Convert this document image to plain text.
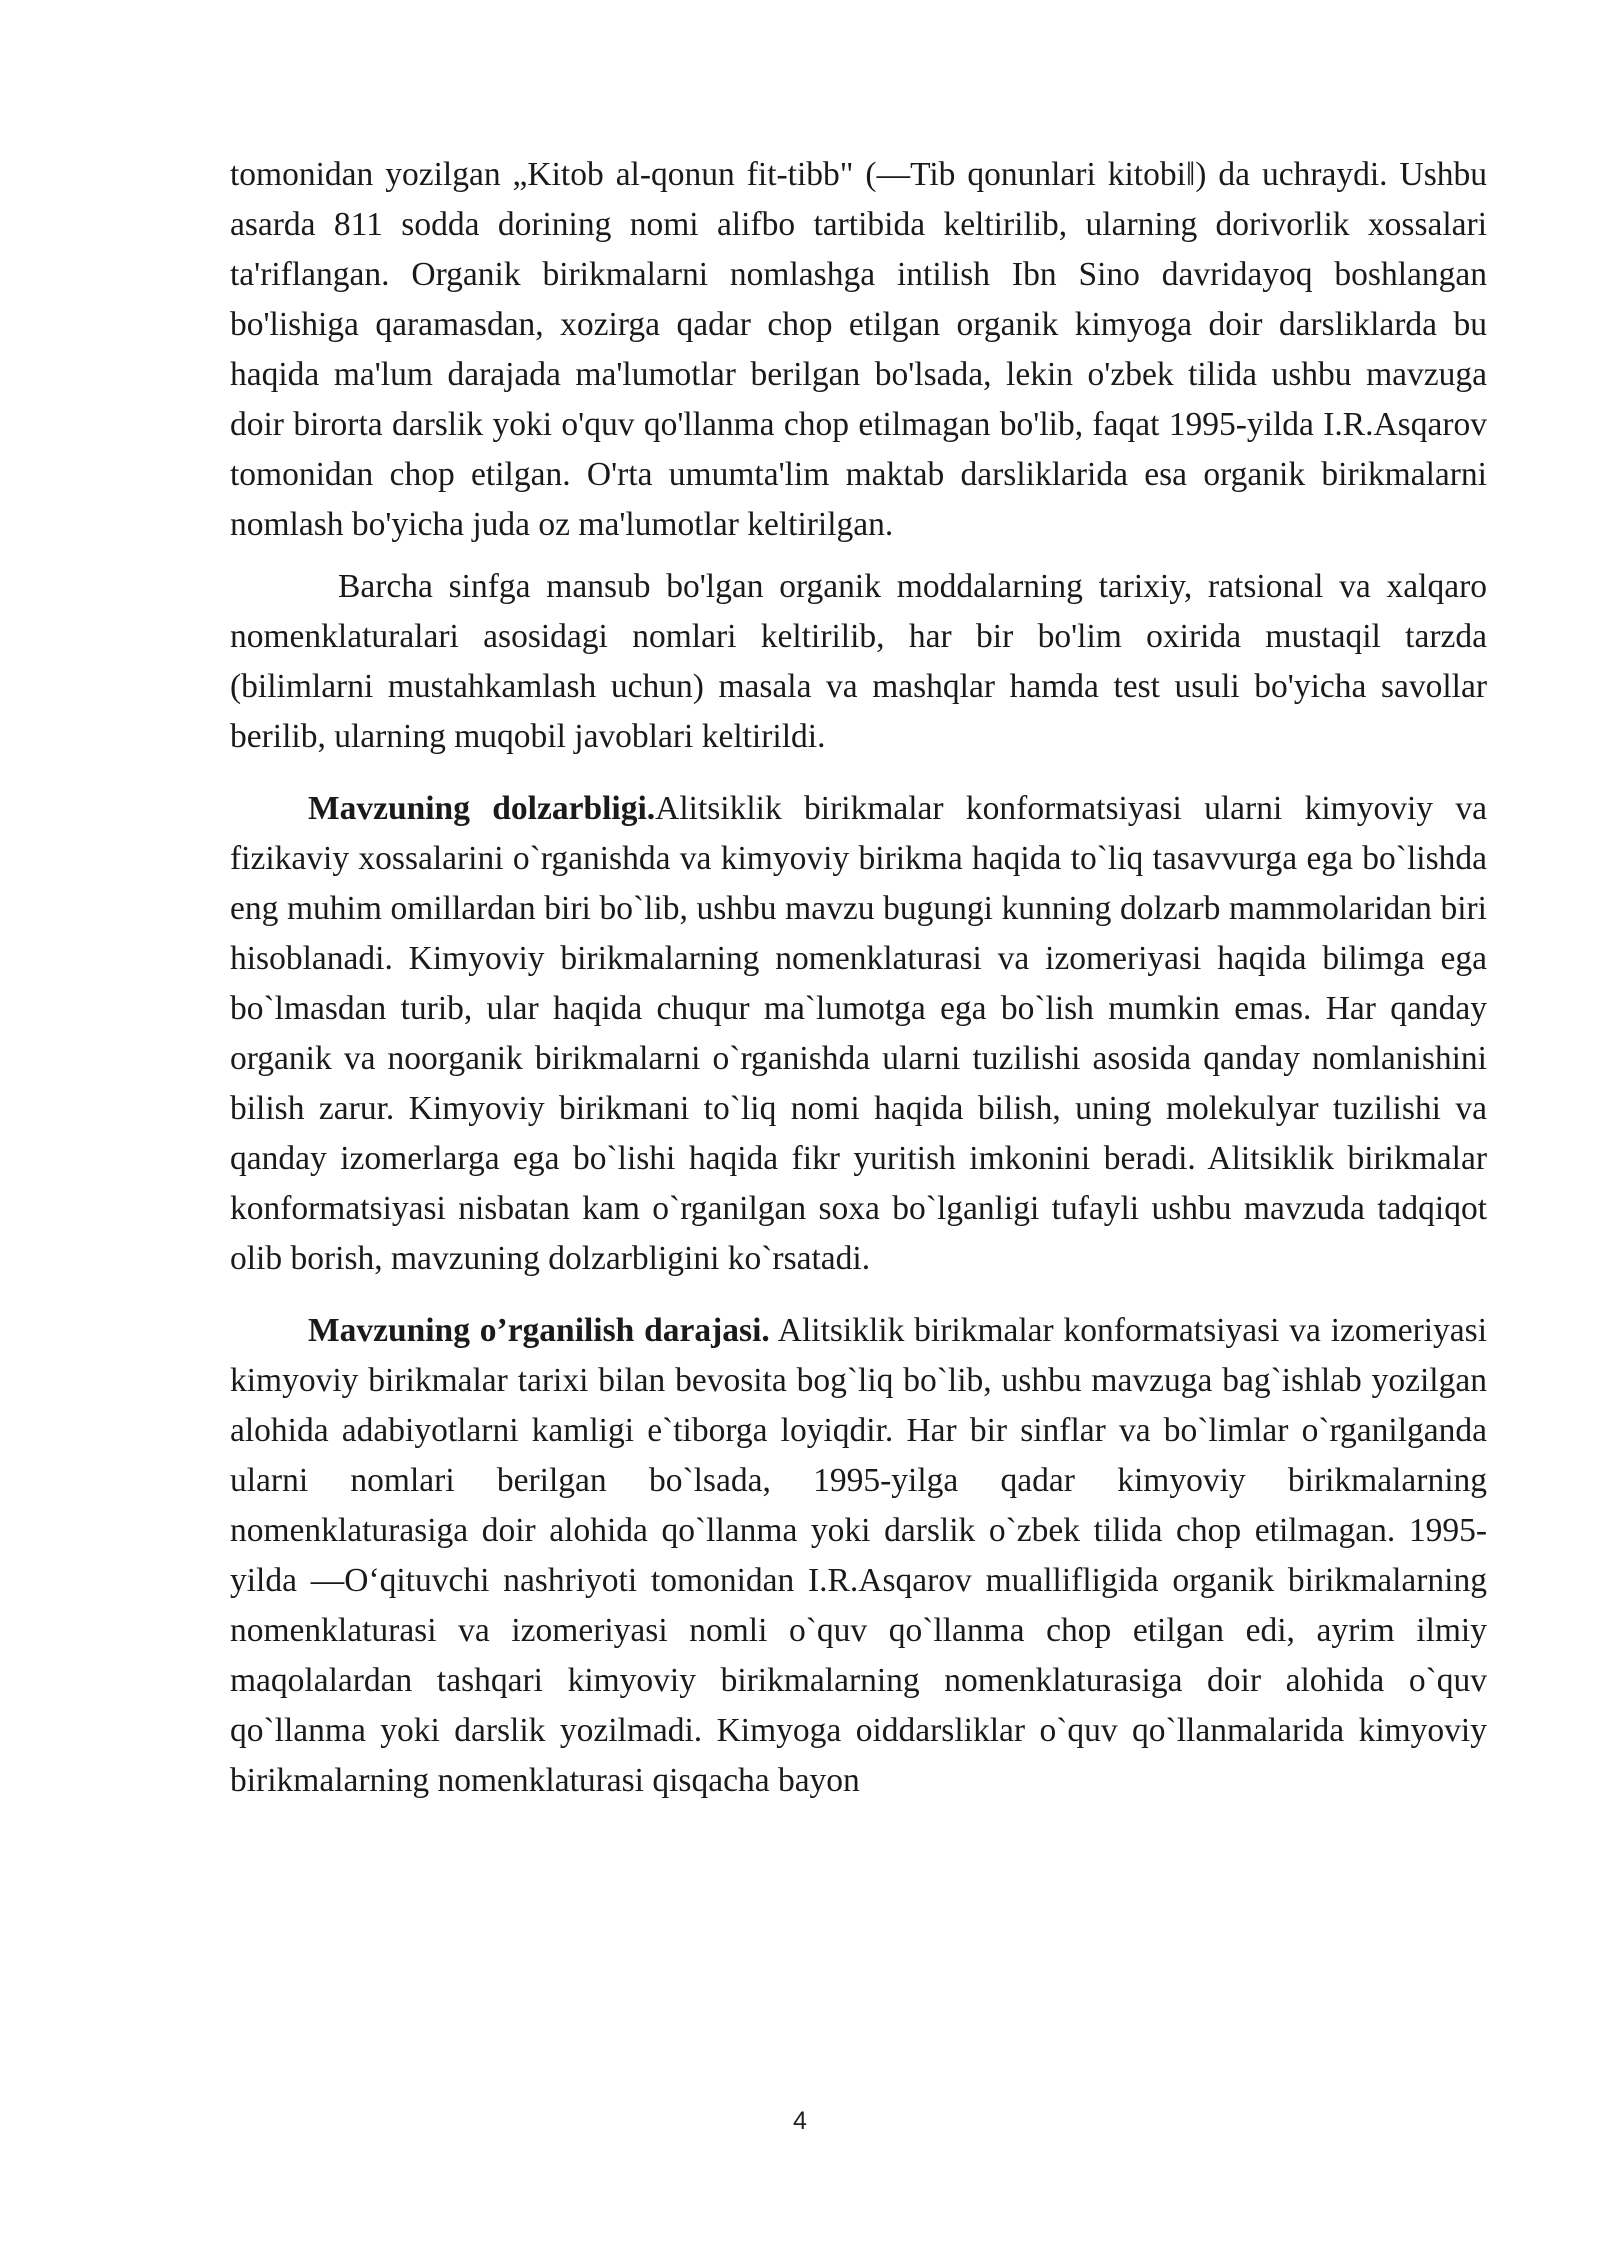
tomonidan yozilgan „Kitob al-qonun fit-tibb" (―Tib qonunlari kitobi‖) da uchraydi. Ushbu asarda 811 sodda dorining nomi alifbo tartibida keltirilib, ularning dorivorlik xossalari ta'riflangan. Organik birikmalarni nomlashga intilish Ibn Sino davridayoq boshlangan bo'lishiga qaramasdan, xozirga qadar chop etilgan organik kimyoga doir darsliklarda bu haqida ma'lum darajada ma'lumotlar berilgan bo'lsada, lekin o'zbek tilida ushbu mavzuga doir birorta darslik yoki o'quv qo'llanma chop etilmagan bo'lib, faqat 1995-yilda I.R.Asqarov tomonidan chop etilgan. O'rta umumta'lim maktab darsliklarida esa organik birikmalarni nomlash bo'yicha juda oz ma'lumotlar keltirilgan.

Barcha sinfga mansub bo'lgan organik moddalarning tarixiy, ratsional va xalqaro nomenklaturalari asosidagi nomlari keltirilib, har bir bo'lim oxirida mustaqil tarzda (bilimlarni mustahkamlash uchun) masala va mashqlar hamda test usuli bo'yicha savollar berilib, ularning muqobil javoblari keltirildi.

Mavzuning dolzarbligi.Alitsiklik birikmalar konformatsiyasi ularni kimyoviy va fizikaviy xossalarini o`rganishda va kimyoviy birikma haqida to`liq tasavvurga ega bo`lishda eng muhim omillardan biri bo`lib, ushbu mavzu bugungi kunning dolzarb mammolaridan biri hisoblanadi. Kimyoviy birikmalarning nomenklaturasi va izomeriyasi haqida bilimga ega bo`lmasdan turib, ular haqida chuqur ma`lumotga ega bo`lish mumkin emas. Har qanday organik va noorganik birikmalarni o`rganishda ularni tuzilishi asosida qanday nomlanishini bilish zarur. Kimyoviy birikmani to`liq nomi haqida bilish, uning molekulyar tuzilishi va qanday izomerlarga ega bo`lishi haqida fikr yuritish imkonini beradi. Alitsiklik birikmalar konformatsiyasi nisbatan kam o`rganilgan soxa bo`lganligi tufayli ushbu mavzuda tadqiqot olib borish, mavzuning dolzarbligini ko`rsatadi.

Mavzuning o’rganilish darajasi. Alitsiklik birikmalar konformatsiyasi va izomeriyasi kimyoviy birikmalar tarixi bilan bevosita bog`liq bo`lib, ushbu mavzuga bag`ishlab yozilgan alohida adabiyotlarni kamligi e`tiborga loyiqdir. Har bir sinflar va bo`limlar o`rganilganda ularni nomlari berilgan bo`lsada, 1995-yilga qadar kimyoviy birikmalarning nomenklaturasiga doir alohida qo`llanma yoki darslik o`zbek tilida chop etilmagan. 1995-yilda ―O‘qituvchi nashriyoti tomonidan I.R.Asqarov muallifligida organik birikmalarning nomenklaturasi va izomeriyasi nomli o`quv qo`llanma chop etilgan edi, ayrim ilmiy maqolalardan tashqari kimyoviy birikmalarning nomenklaturasiga doir alohida o`quv qo`llanma yoki darslik yozilmadi. Kimyoga oiddarsliklar o`quv qo`llanmalarida kimyoviy birikmalarning nomenklaturasi qisqacha bayon

4
